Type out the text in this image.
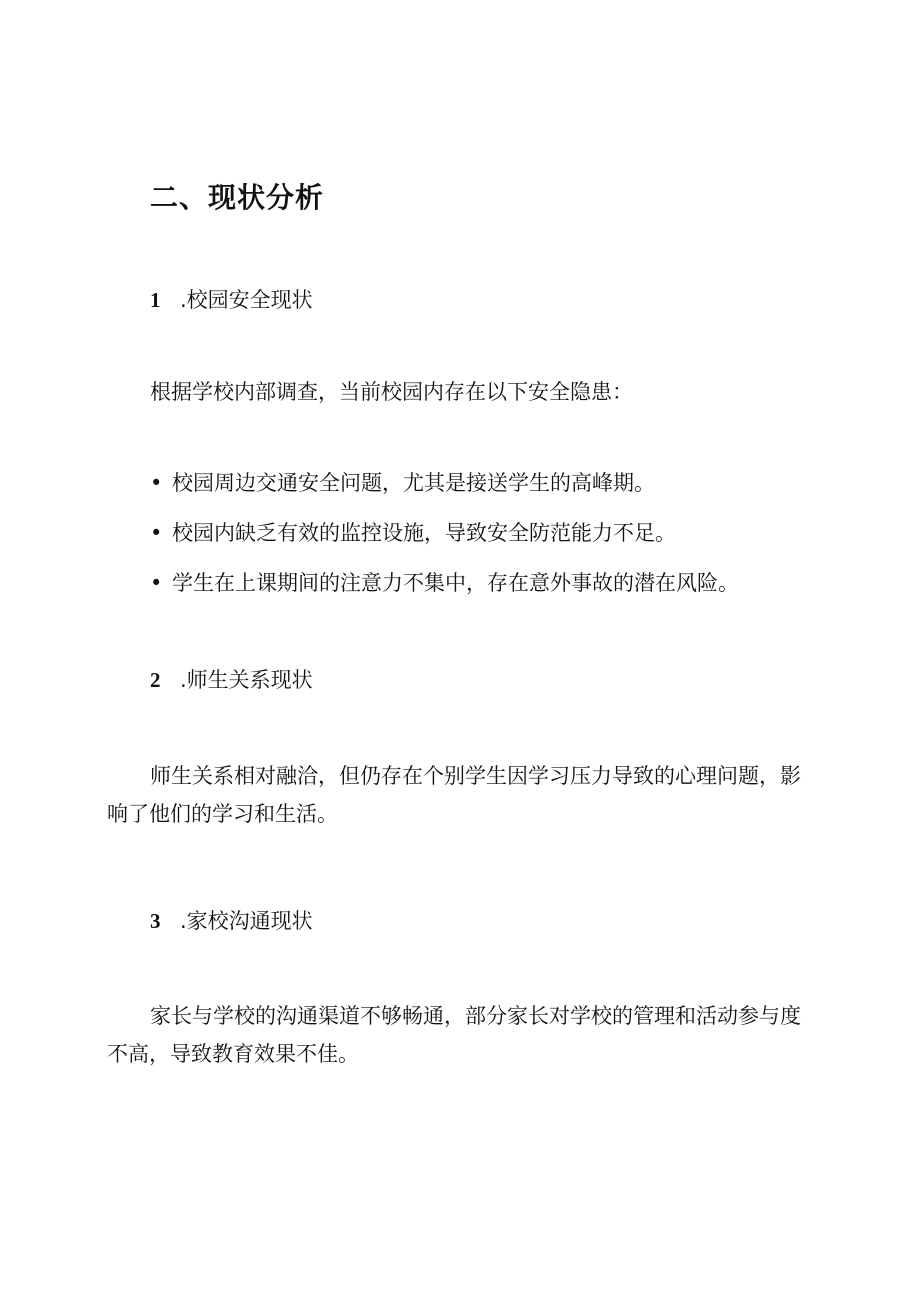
二、现状分析

1 .校园安全现状

根据学校内部调查，当前校园内存在以下安全隐患：

• 校园周边交通安全问题，尤其是接送学生的高峰期。
• 校园内缺乏有效的监控设施，导致安全防范能力不足。
• 学生在上课期间的注意力不集中，存在意外事故的潜在风险。

2 .师生关系现状

师生关系相对融洽，但仍存在个别学生因学习压力导致的心理问题，影响了他们的学习和生活。

3 .家校沟通现状

家长与学校的沟通渠道不够畅通，部分家长对学校的管理和活动参与度不高，导致教育效果不佳。
